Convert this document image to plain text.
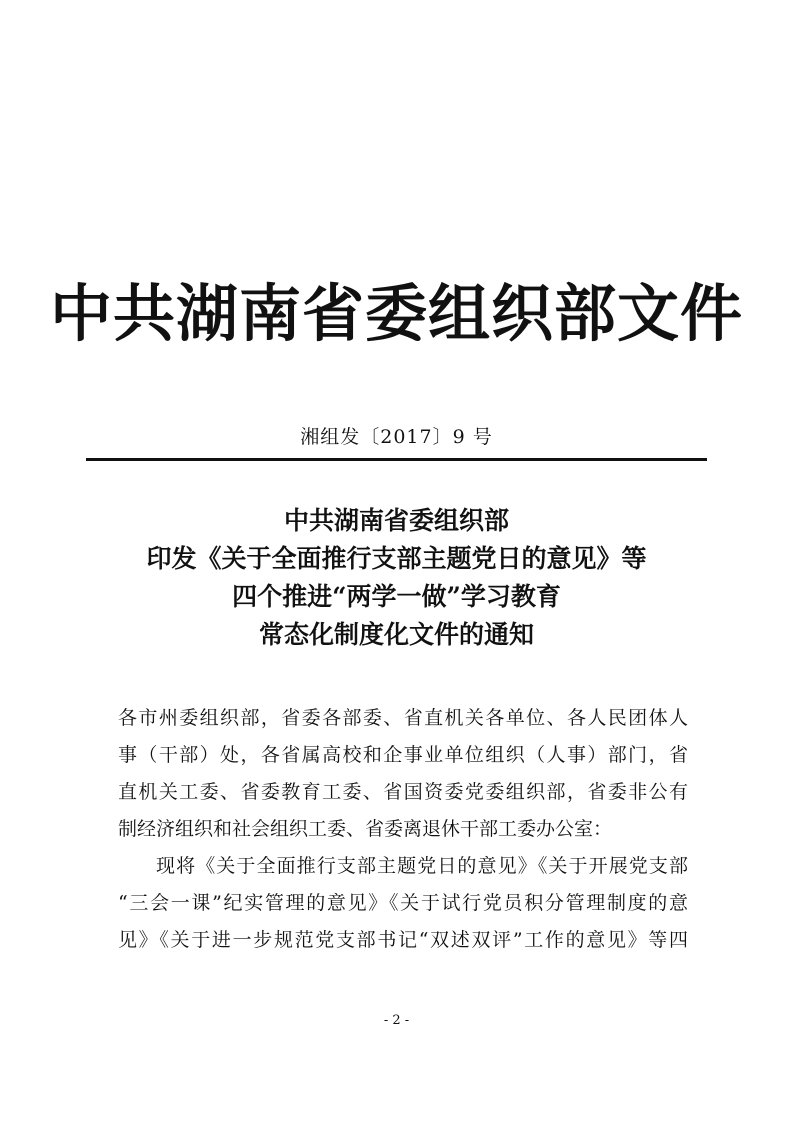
中共湖南省委组织部文件
湘组发〔2017〕9 号
中共湖南省委组织部
印发《关于全面推行支部主题党日的意见》等
四个推进“两学一做”学习教育
常态化制度化文件的通知
各市州委组织部，省委各部委、省直机关各单位、各人民团体人
事（干部）处，各省属高校和企事业单位组织（人事）部门，省
直机关工委、省委教育工委、省国资委党委组织部，省委非公有
制经济组织和社会组织工委、省委离退休干部工委办公室：
现将《关于全面推行支部主题党日的意见》《关于开展党支部
“三会一课”纪实管理的意见》《关于试行党员积分管理制度的意
见》《关于进一步规范党支部书记“双述双评”工作的意见》等四
- 2 -
